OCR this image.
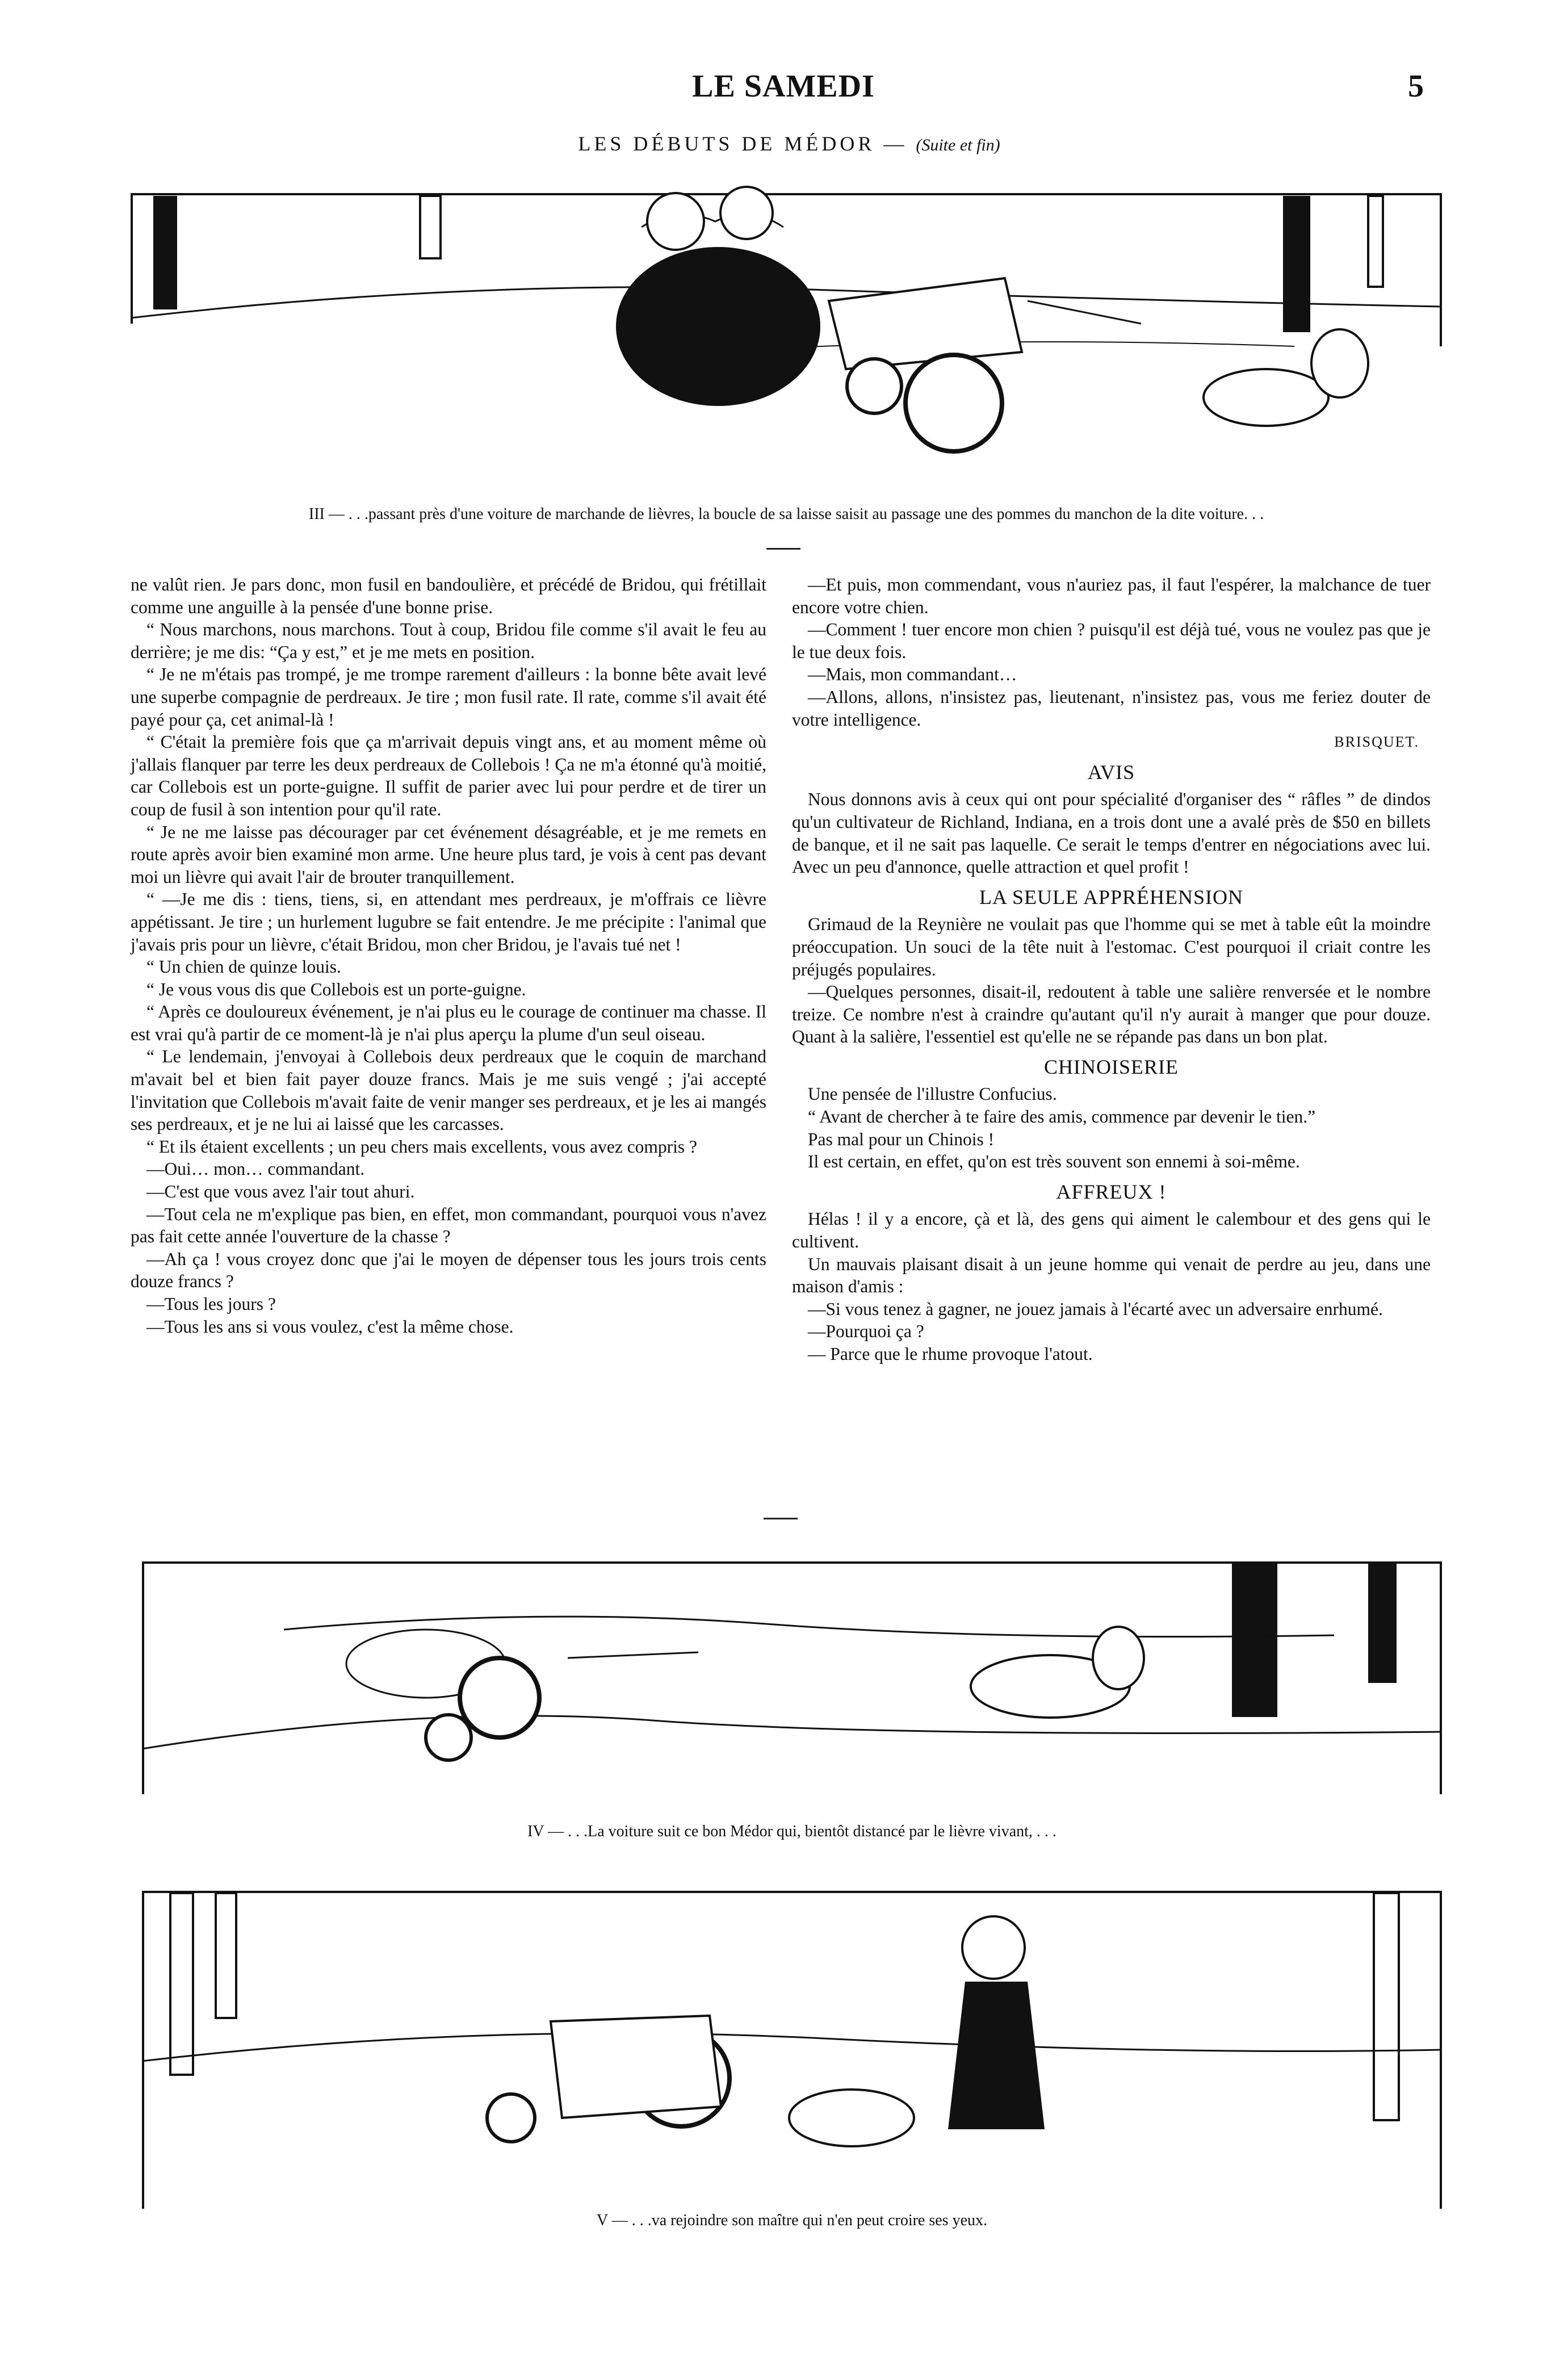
LE SAMEDI	5
LES DÉBUTS DE MÉDOR — (Suite et fin)
III — . . .passant près d'une voiture de marchande de lièvres, la boucle de sa laisse saisit au passage une des pommes du manchon de la dite voiture. . .

ne valût rien. Je pars donc, mon fusil en bandoulière, et précédé de Bridou, qui frétillait comme une anguille à la pensée d'une bonne prise.

“ Nous marchons, nous marchons. Tout à coup, Bridou file comme s'il avait le feu au derrière; je me dis: “Ça y est,” et je me mets en position.

“ Je ne m'étais pas trompé, je me trompe rarement d'ailleurs : la bonne bête avait levé une superbe compagnie de perdreaux. Je tire ; mon fusil rate. Il rate, comme s'il avait été payé pour ça, cet animal-là !

“ C'était la première fois que ça m'arrivait depuis vingt ans, et au moment même où j'allais flanquer par terre les deux perdreaux de Collebois ! Ça ne m'a étonné qu'à moitié, car Collebois est un porte-guigne. Il suffit de parier avec lui pour perdre et de tirer un coup de fusil à son intention pour qu'il rate.

“ Je ne me laisse pas décourager par cet événement désagréable, et je me remets en route après avoir bien examiné mon arme. Une heure plus tard, je vois à cent pas devant moi un lièvre qui avait l'air de brouter tranquillement.

“ —Je me dis : tiens, tiens, si, en attendant mes perdreaux, je m'offrais ce lièvre appétissant. Je tire ; un hurlement lugubre se fait entendre. Je me précipite : l'animal que j'avais pris pour un lièvre, c'était Bridou, mon cher Bridou, je l'avais tué net !

“ Un chien de quinze louis.

“ Je vous vous dis que Collebois est un porte-guigne.

“ Après ce douloureux événement, je n'ai plus eu le courage de continuer ma chasse. Il est vrai qu'à partir de ce moment-là je n'ai plus aperçu la plume d'un seul oiseau.

“ Le lendemain, j'envoyai à Collebois deux perdreaux que le coquin de marchand m'avait bel et bien fait payer douze francs. Mais je me suis vengé ; j'ai accepté l'invitation que Collebois m'avait faite de venir manger ses perdreaux, et je les ai mangés ses perdreaux, et je ne lui ai laissé que les carcasses.

“ Et ils étaient excellents ; un peu chers mais excellents, vous avez compris ?

—Oui… mon… commandant.

—C'est que vous avez l'air tout ahuri.

—Tout cela ne m'explique pas bien, en effet, mon commandant, pourquoi vous n'avez pas fait cette année l'ouverture de la chasse ?

—Ah ça ! vous croyez donc que j'ai le moyen de dépenser tous les jours trois cents douze francs ?

—Tous les jours ?

—Tous les ans si vous voulez, c'est la même chose.

—Et puis, mon commendant, vous n'auriez pas, il faut l'espérer, la malchance de tuer encore votre chien.

—Comment ! tuer encore mon chien ? puisqu'il est déjà tué, vous ne voulez pas que je le tue deux fois.

—Mais, mon commandant…

—Allons, allons, n'insistez pas, lieutenant, n'insistez pas, vous me feriez douter de votre intelligence.

BRISQUET.
AVIS

Nous donnons avis à ceux qui ont pour spécialité d'organiser des “ râfles ” de dindos qu'un cultivateur de Richland, Indiana, en a trois dont une a avalé près de $50 en billets de banque, et il ne sait pas laquelle. Ce serait le temps d'entrer en négociations avec lui. Avec un peu d'annonce, quelle attraction et quel profit !

LA SEULE APPRÉHENSION

Grimaud de la Reynière ne voulait pas que l'homme qui se met à table eût la moindre préoccupation. Un souci de la tête nuit à l'estomac. C'est pourquoi il criait contre les préjugés populaires.

—Quelques personnes, disait-il, redoutent à table une salière renversée et le nombre treize. Ce nombre n'est à craindre qu'autant qu'il n'y aurait à manger que pour douze. Quant à la salière, l'essentiel est qu'elle ne se répande pas dans un bon plat.

CHINOISERIE

Une pensée de l'illustre Confucius.

“ Avant de chercher à te faire des amis, commence par devenir le tien.”

Pas mal pour un Chinois !

Il est certain, en effet, qu'on est très souvent son ennemi à soi-même.

AFFREUX !

Hélas ! il y a encore, çà et là, des gens qui aiment le calembour et des gens qui le cultivent.

Un mauvais plaisant disait à un jeune homme qui venait de perdre au jeu, dans une maison d'amis :

—Si vous tenez à gagner, ne jouez jamais à l'écarté avec un adversaire enrhumé.

—Pourquoi ça ?

— Parce que le rhume provoque l'atout.

IV — . . .La voiture suit ce bon Médor qui, bientôt distancé par le lièvre vivant, . . .
V — . . .va rejoindre son maître qui n'en peut croire ses yeux.
